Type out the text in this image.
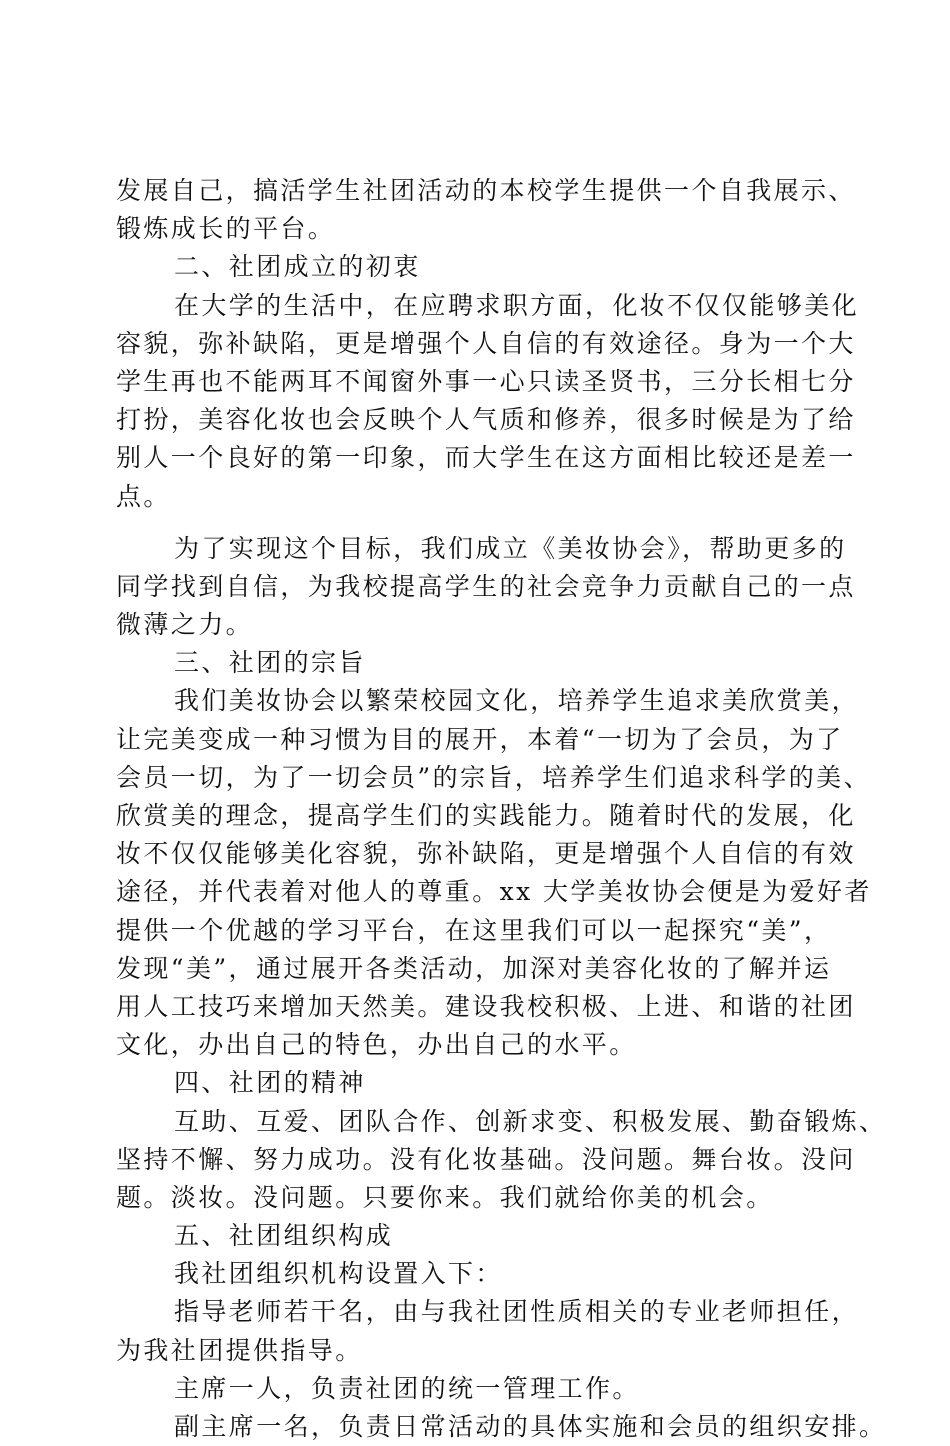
发展自己，搞活学生社团活动的本校学生提供一个自我展示、
锻炼成长的平台。
二、社团成立的初衷
在大学的生活中，在应聘求职方面，化妆不仅仅能够美化
容貌，弥补缺陷，更是增强个人自信的有效途径。身为一个大
学生再也不能两耳不闻窗外事一心只读圣贤书，三分长相七分
打扮，美容化妆也会反映个人气质和修养，很多时候是为了给
别人一个良好的第一印象，而大学生在这方面相比较还是差一
点。
为了实现这个目标，我们成立《美妆协会》，帮助更多的
同学找到自信，为我校提高学生的社会竞争力贡献自己的一点
微薄之力。
三、社团的宗旨
我们美妆协会以繁荣校园文化，培养学生追求美欣赏美，
让完美变成一种习惯为目的展开，本着“一切为了会员，为了
会员一切，为了一切会员”的宗旨，培养学生们追求科学的美、
欣赏美的理念，提高学生们的实践能力。随着时代的发展，化
妆不仅仅能够美化容貌，弥补缺陷，更是增强个人自信的有效
途径，并代表着对他人的尊重。xx 大学美妆协会便是为爱好者
提供一个优越的学习平台，在这里我们可以一起探究“美”，
发现“美”，通过展开各类活动，加深对美容化妆的了解并运
用人工技巧来增加天然美。建设我校积极、上进、和谐的社团
文化，办出自己的特色，办出自己的水平。
四、社团的精神
互助、互爱、团队合作、创新求变、积极发展、勤奋锻炼、
坚持不懈、努力成功。没有化妆基础。没问题。舞台妆。没问
题。淡妆。没问题。只要你来。我们就给你美的机会。
五、社团组织构成
我社团组织机构设置入下：
指导老师若干名，由与我社团性质相关的专业老师担任，
为我社团提供指导。
主席一人，负责社团的统一管理工作。
副主席一名，负责日常活动的具体实施和会员的组织安排。
